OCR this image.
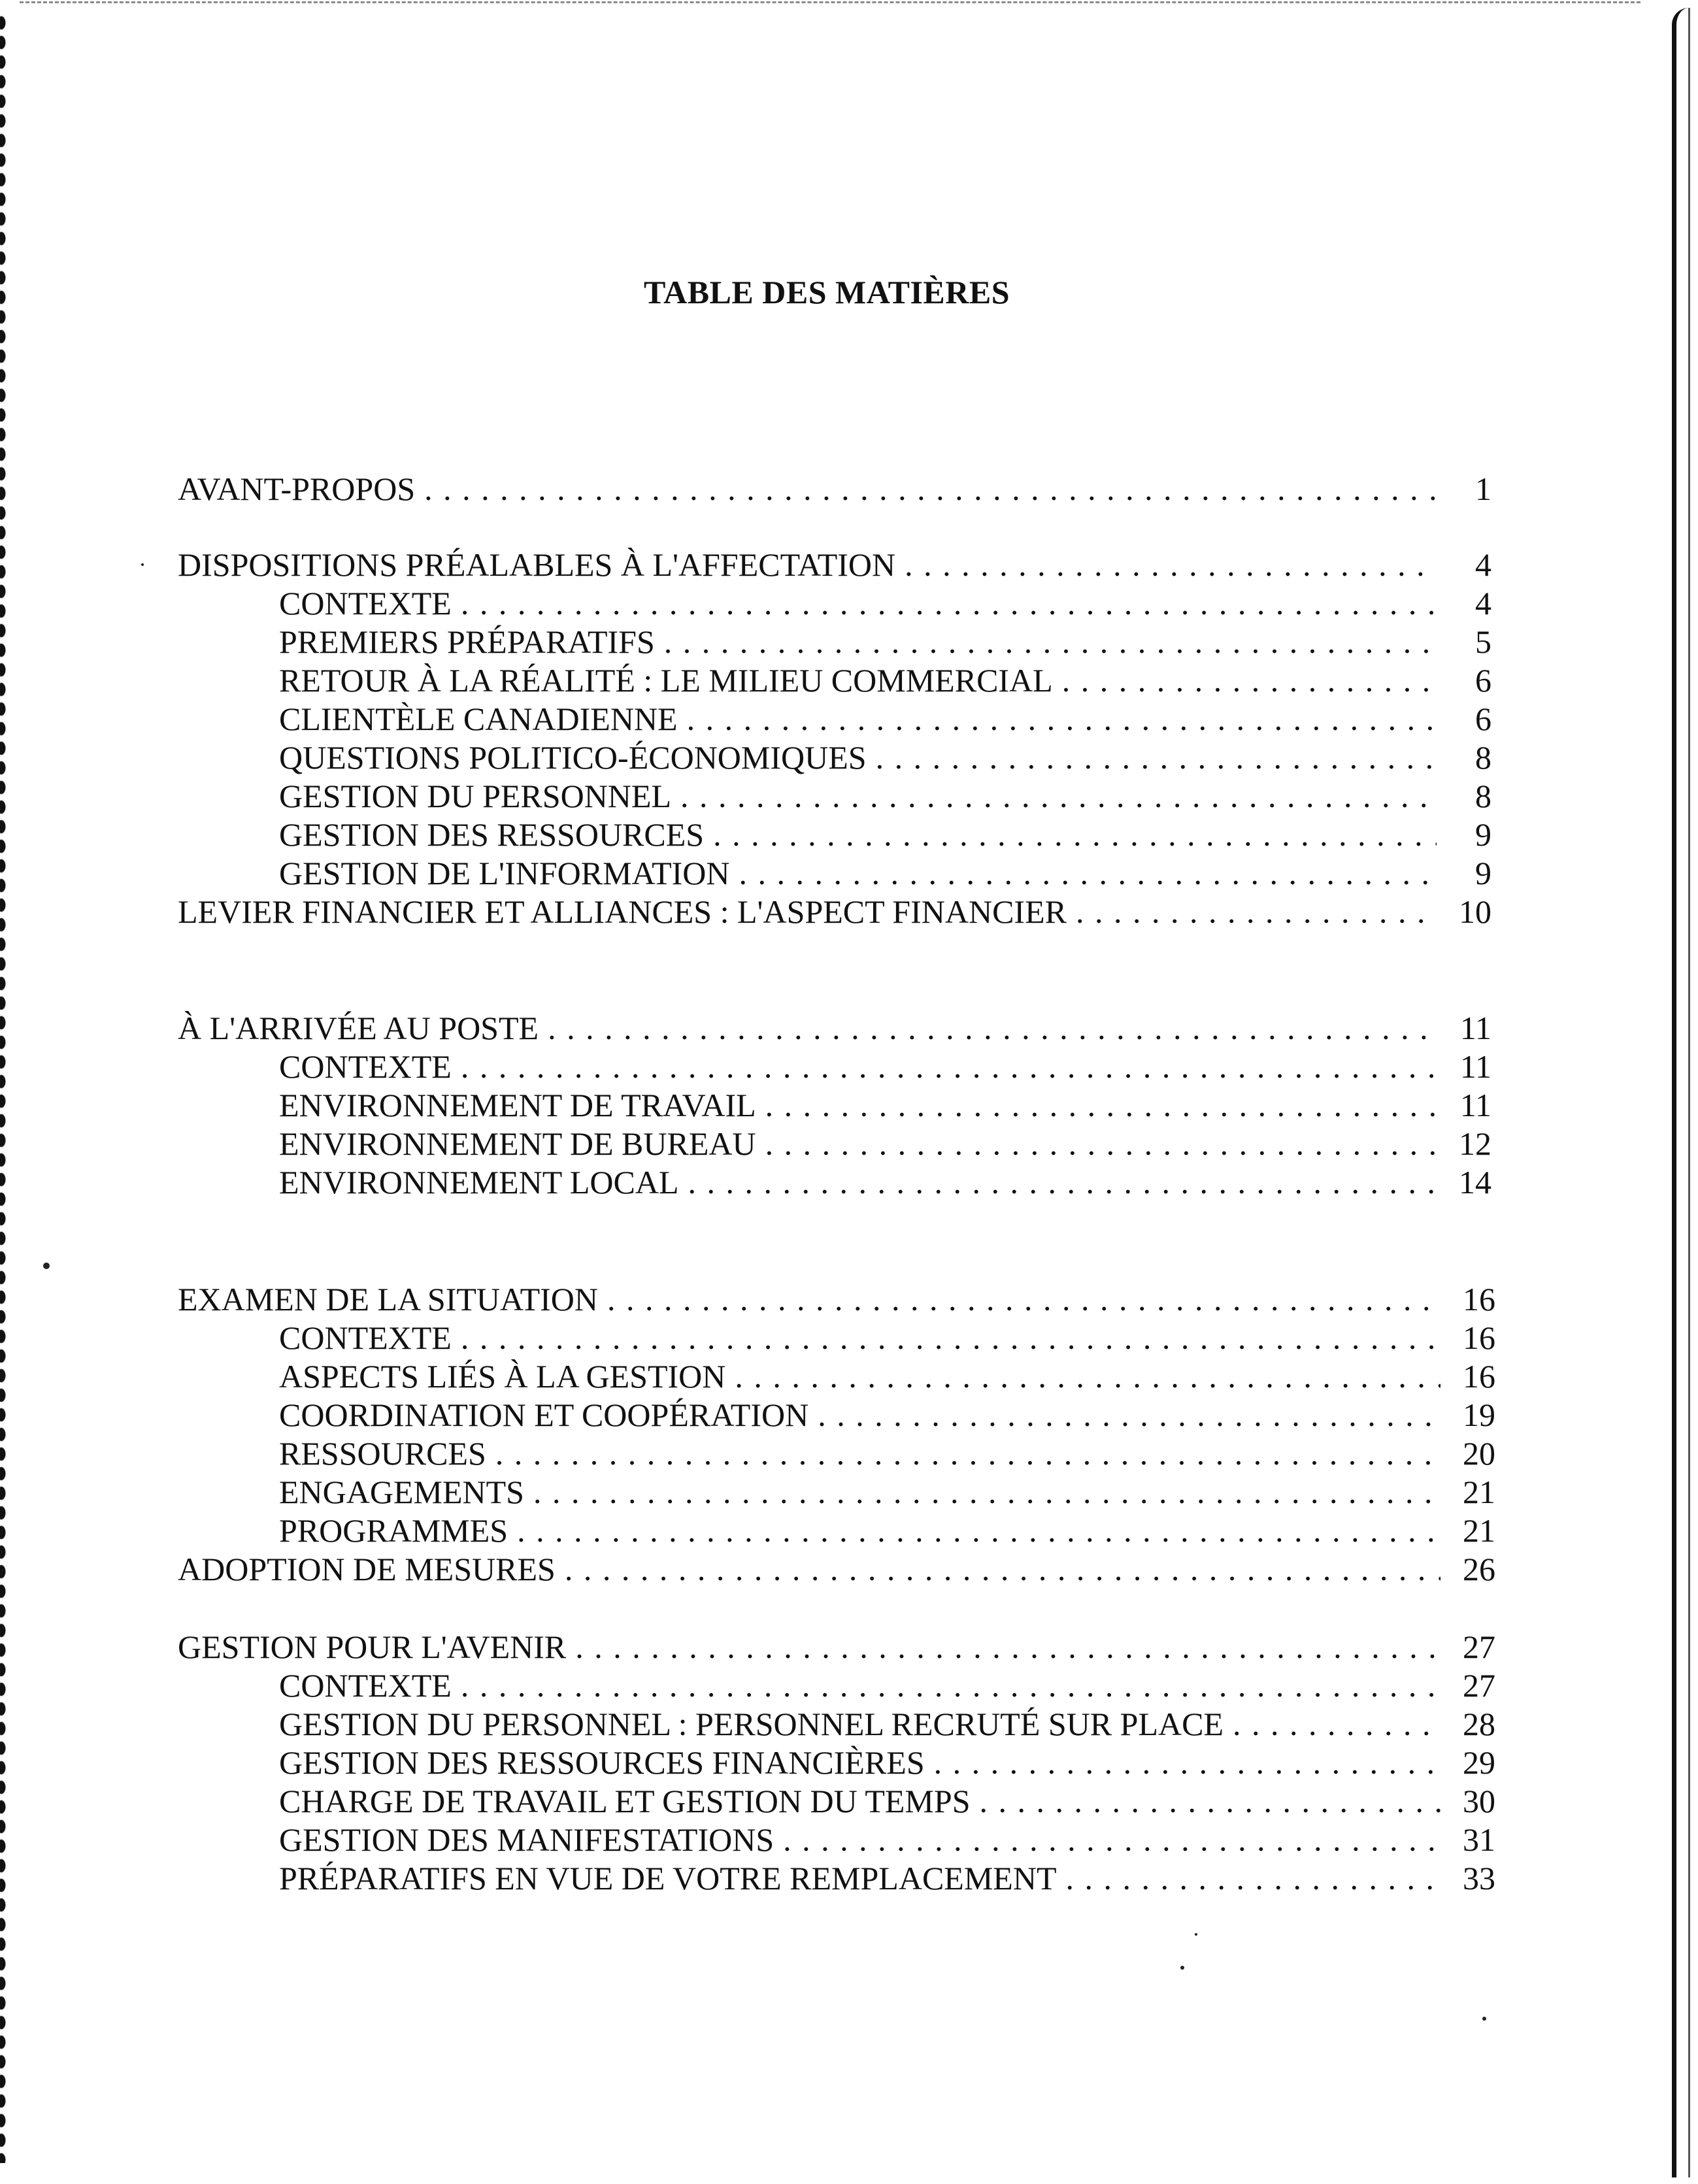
TABLE DES MATIÈRES
AVANT-PROPOS . . .	1
DISPOSITIONS PRÉALABLES À L'AFFECTATION . . .	4
CONTEXTE . . .	4
PREMIERS PRÉPARATIFS . . .	5
RETOUR À LA RÉALITÉ : LE MILIEU COMMERCIAL . . .	6
CLIENTÈLE CANADIENNE . . .	6
QUESTIONS POLITICO-ÉCONOMIQUES . . .	8
GESTION DU PERSONNEL . . .	8
GESTION DES RESSOURCES . . .	9
GESTION DE L'INFORMATION . . .	9
LEVIER FINANCIER ET ALLIANCES : L'ASPECT FINANCIER . . .	10
À L'ARRIVÉE AU POSTE . . .	11
CONTEXTE . . .	11
ENVIRONNEMENT DE TRAVAIL . . .	11
ENVIRONNEMENT DE BUREAU . . .	12
ENVIRONNEMENT LOCAL . . .	14
EXAMEN DE LA SITUATION . . .	16
CONTEXTE . . .	16
ASPECTS LIÉS À LA GESTION . . .	16
COORDINATION ET COOPÉRATION . . .	19
RESSOURCES . . .	20
ENGAGEMENTS . . .	21
PROGRAMMES . . .	21
ADOPTION DE MESURES . . .	26
GESTION POUR L'AVENIR . . .	27
CONTEXTE . . .	27
GESTION DU PERSONNEL : PERSONNEL RECRUTÉ SUR PLACE . . .	28
GESTION DES RESSOURCES FINANCIÈRES . . .	29
CHARGE DE TRAVAIL ET GESTION DU TEMPS . . .	30
GESTION DES MANIFESTATIONS . . .	31
PRÉPARATIFS EN VUE DE VOTRE REMPLACEMENT . . .	33
